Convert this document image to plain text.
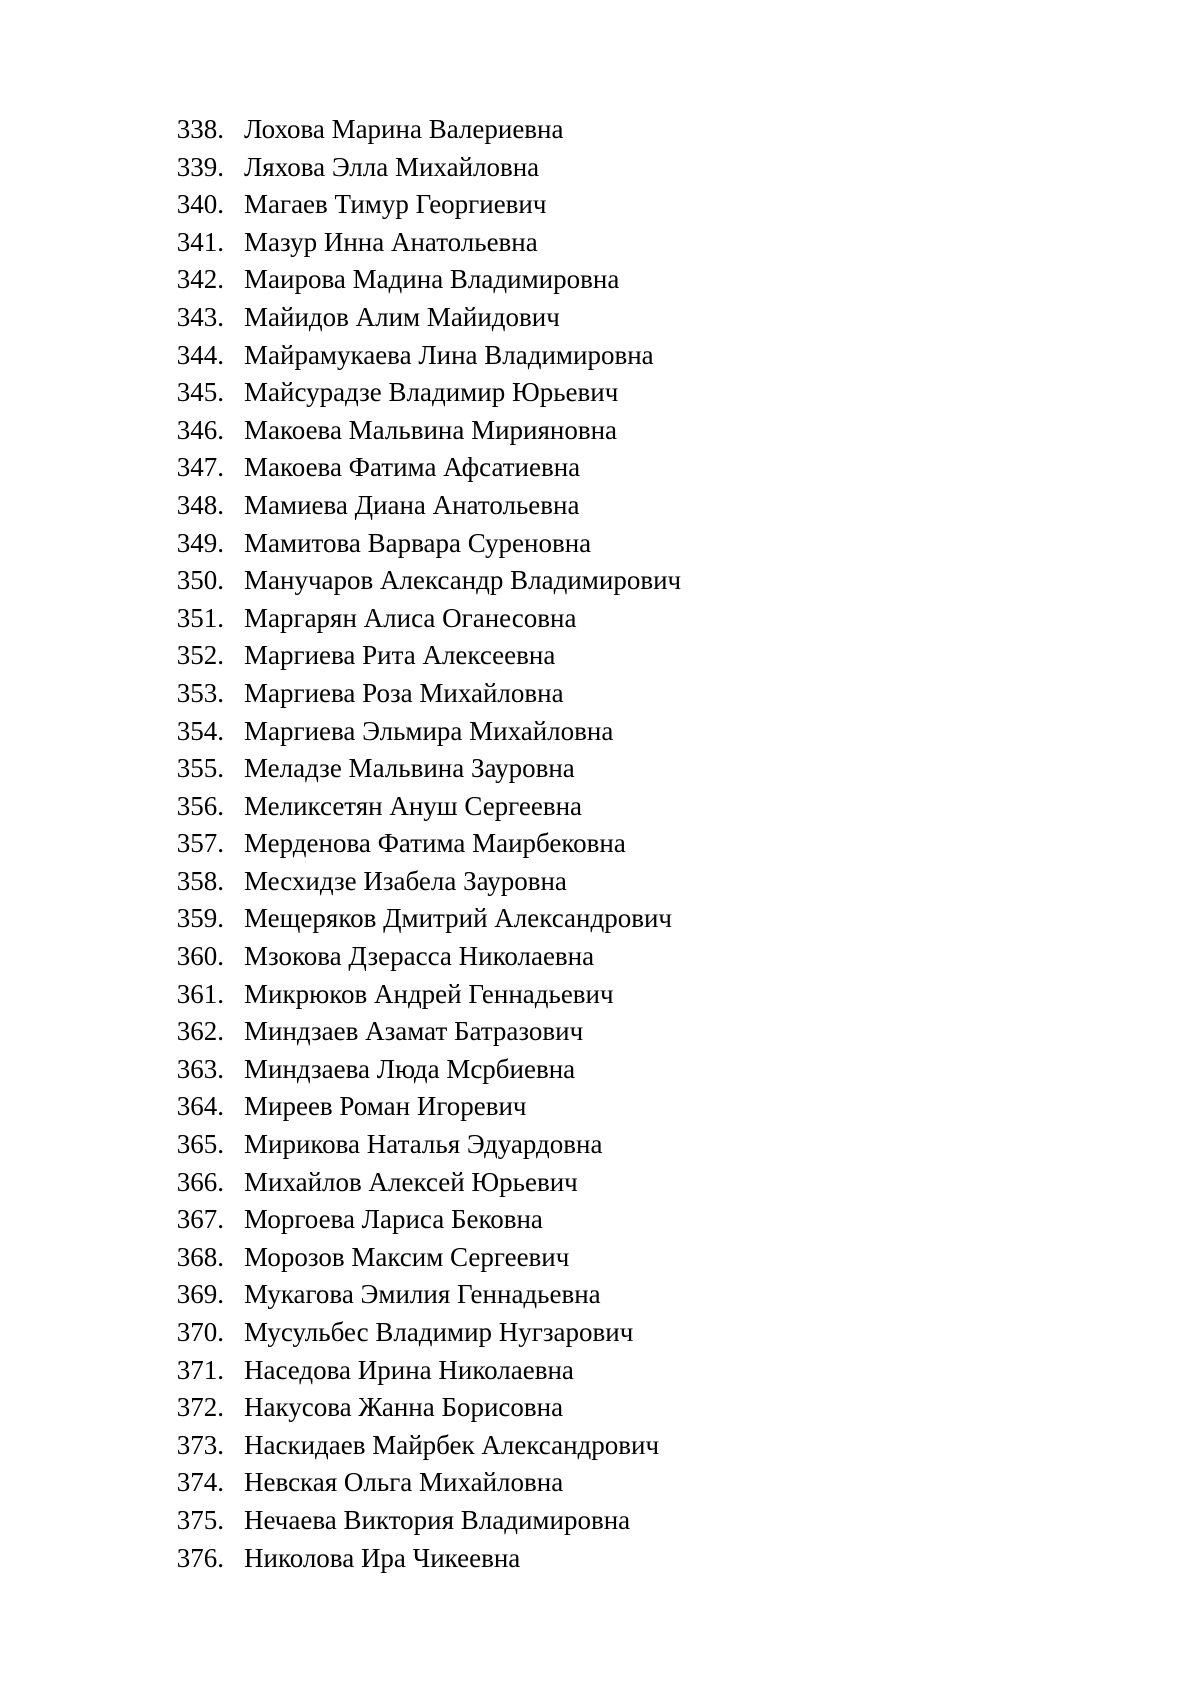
338. Лохова Марина Валериевна
339. Ляхова Элла Михайловна
340. Магаев Тимур Георгиевич
341. Мазур Инна Анатольевна
342. Маирова Мадина Владимировна
343. Майидов Алим Майидович
344. Майрамукаева Лина Владимировна
345. Майсурадзе Владимир Юрьевич
346. Макоева Мальвина Мирияновна
347. Макоева Фатима Афсатиевна
348. Мамиева Диана Анатольевна
349. Мамитова Варвара Суреновна
350. Манучаров Александр Владимирович
351. Маргарян Алиса Оганесовна
352. Маргиева Рита Алексеевна
353. Маргиева Роза Михайловна
354. Маргиева Эльмира Михайловна
355. Меладзе Мальвина Зауровна
356. Меликсетян Ануш Сергеевна
357. Мерденова Фатима Маирбековна
358. Месхидзе Изабела Зауровна
359. Мещеряков Дмитрий Александрович
360. Мзокова Дзерасса Николаевна
361. Микрюков Андрей Геннадьевич
362. Миндзаев Азамат Батразович
363. Миндзаева Люда Мсрбиевна
364. Миреев Роман Игоревич
365. Мирикова Наталья Эдуардовна
366. Михайлов Алексей Юрьевич
367. Моргоева Лариса Бековна
368. Морозов Максим Сергеевич
369. Мукагова Эмилия Геннадьевна
370. Мусульбес Владимир Нугзарович
371. Наседова Ирина Николаевна
372. Накусова Жанна Борисовна
373. Наскидаев Майрбек Александрович
374. Невская Ольга Михайловна
375. Нечаева Виктория Владимировна
376. Николова Ира Чикеевна
